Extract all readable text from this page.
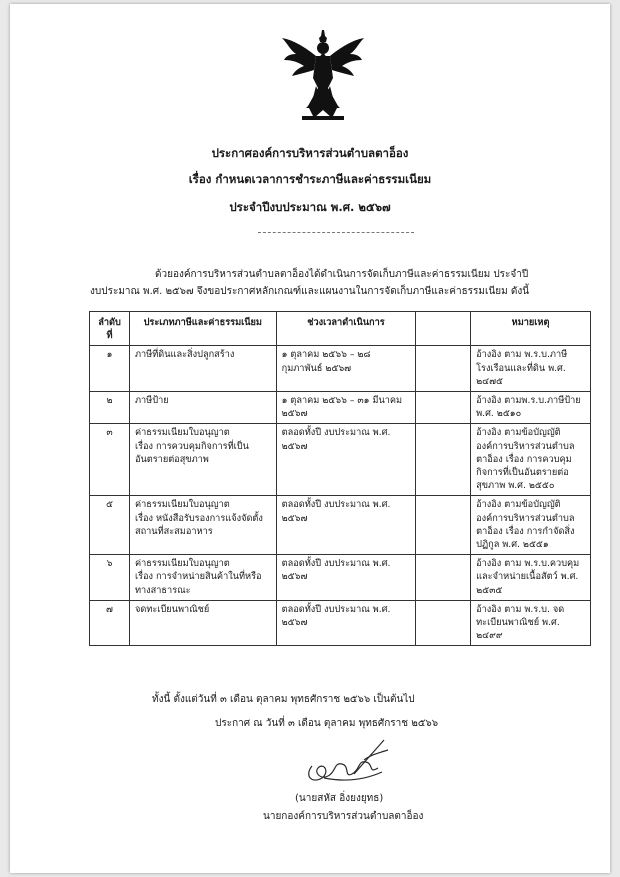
ประกาศองค์การบริหารส่วนตำบลตาอ็อง
เรื่อง กำหนดเวลาการชำระภาษีและค่าธรรมเนียม
ประจำปีงบประมาณ พ.ศ. ๒๕๖๗
ด้วยองค์การบริหารส่วนตำบลตาอ็องได้ดำเนินการจัดเก็บภาษีและค่าธรรมเนียม ประจำปี
งบประมาณ พ.ศ. ๒๕๖๗ จึงขอประกาศหลักเกณฑ์และแผนงานในการจัดเก็บภาษีและค่าธรรมเนียม ดังนี้
ลำดับ
ที่	ประเภทภาษีและค่าธรรมเนียม	ช่วงเวลาดำเนินการ		หมายเหตุ
๑	ภาษีที่ดินและสิ่งปลูกสร้าง	๑ ตุลาคม ๒๕๖๖ – ๒๘
กุมภาพันธ์ ๒๕๖๗		อ้างอิง ตาม พ.ร.บ.ภาษี
โรงเรือนและที่ดิน พ.ศ.
๒๔๗๕

๒	ภาษีป้าย	๑ ตุลาคม ๒๕๖๖ – ๓๑ มีนาคม
๒๕๖๗		อ้างอิง ตามพ.ร.บ.ภาษีป้าย
พ.ศ. ๒๕๑๐

๓	ค่าธรรมเนียมใบอนุญาต
เรื่อง การควบคุมกิจการที่เป็น
อันตรายต่อสุขภาพ	ตลอดทั้งปี งบประมาณ พ.ศ.
๒๕๖๗		อ้างอิง ตามข้อบัญญัติ
องค์การบริหารส่วนตำบล
ตาอ็อง เรื่อง การควบคุม
กิจการที่เป็นอันตรายต่อ
สุขภาพ พ.ศ. ๒๕๕๐

๕	ค่าธรรมเนียมใบอนุญาต
เรื่อง หนังสือรับรองการแจ้งจัดตั้ง
สถานที่สะสมอาหาร	ตลอดทั้งปี งบประมาณ พ.ศ.
๒๕๖๗		อ้างอิง ตามข้อบัญญัติ
องค์การบริหารส่วนตำบล
ตาอ็อง เรื่อง การกำจัดสิ่ง
ปฏิกูล พ.ศ. ๒๕๕๑

๖	ค่าธรรมเนียมใบอนุญาต
เรื่อง การจำหน่ายสินค้าในที่หรือ
ทางสาธารณะ	ตลอดทั้งปี งบประมาณ พ.ศ.
๒๕๖๗		อ้างอิง ตาม พ.ร.บ.ควบคุม
และจำหน่ายเนื้อสัตว์ พ.ศ.
๒๕๓๕

๗	จดทะเบียนพาณิชย์	ตลอดทั้งปี งบประมาณ พ.ศ.
๒๕๖๗		อ้างอิง ตาม พ.ร.บ. จด
ทะเบียนพาณิชย์ พ.ศ.
๒๔๙๙
ทั้งนี้ ตั้งแต่วันที่ ๓ เดือน ตุลาคม พุทธศักราช ๒๕๖๖ เป็นต้นไป
ประกาศ ณ วันที่ ๓ เดือน ตุลาคม พุทธศักราช ๒๕๖๖
(นายสหัส อิ่งยงยุทธ)
นายกองค์การบริหารส่วนตำบลตาอ็อง
